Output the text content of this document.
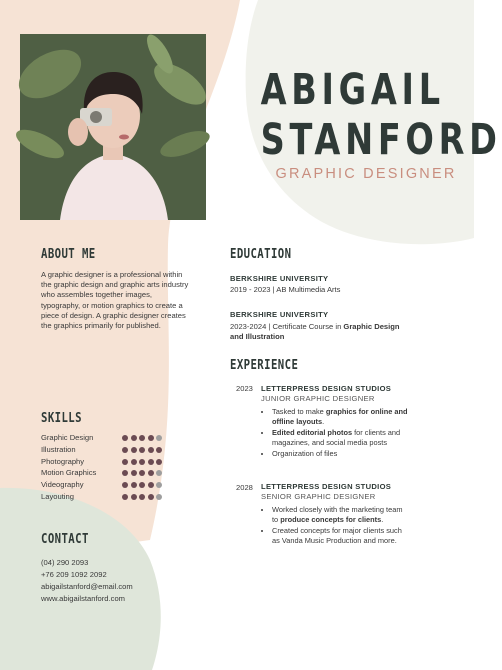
ABIGAIL
STANFORD
GRAPHIC DESIGNER
ABOUT ME
A graphic designer is a professional within the graphic design and graphic arts industry who assembles together images, typography, or motion graphics to create a piece of design. A graphic designer creates the graphics primarily for published.
SKILLS
Graphic Design
Illustration
Photography
Motion Graphics
Videography
Layouting
CONTACT
(04) 290 2093
+76 209 1092 2092
abigailstanford@email.com
www.abigailstanford.com
EDUCATION
BERKSHIRE UNIVERSITY
2019 - 2023 | AB Multimedia Arts
BERKSHIRE UNIVERSITY
2023-2024 | Certificate Course in Graphic Design
and Illustration
EXPERIENCE
2023 LETTERPRESS DESIGN STUDIOS
JUNIOR GRAPHIC DESIGNER
• Tasked to make graphics for online and
offline layouts.
• Edited editorial photos for clients and
magazines, and social media posts
• Organization of files
2028 LETTERPRESS DESIGN STUDIOS
SENIOR GRAPHIC DESIGNER
• Worked closely with the marketing team
to produce concepts for clients.
• Created concepts for major clients such
as Vanda Music Production and more.
